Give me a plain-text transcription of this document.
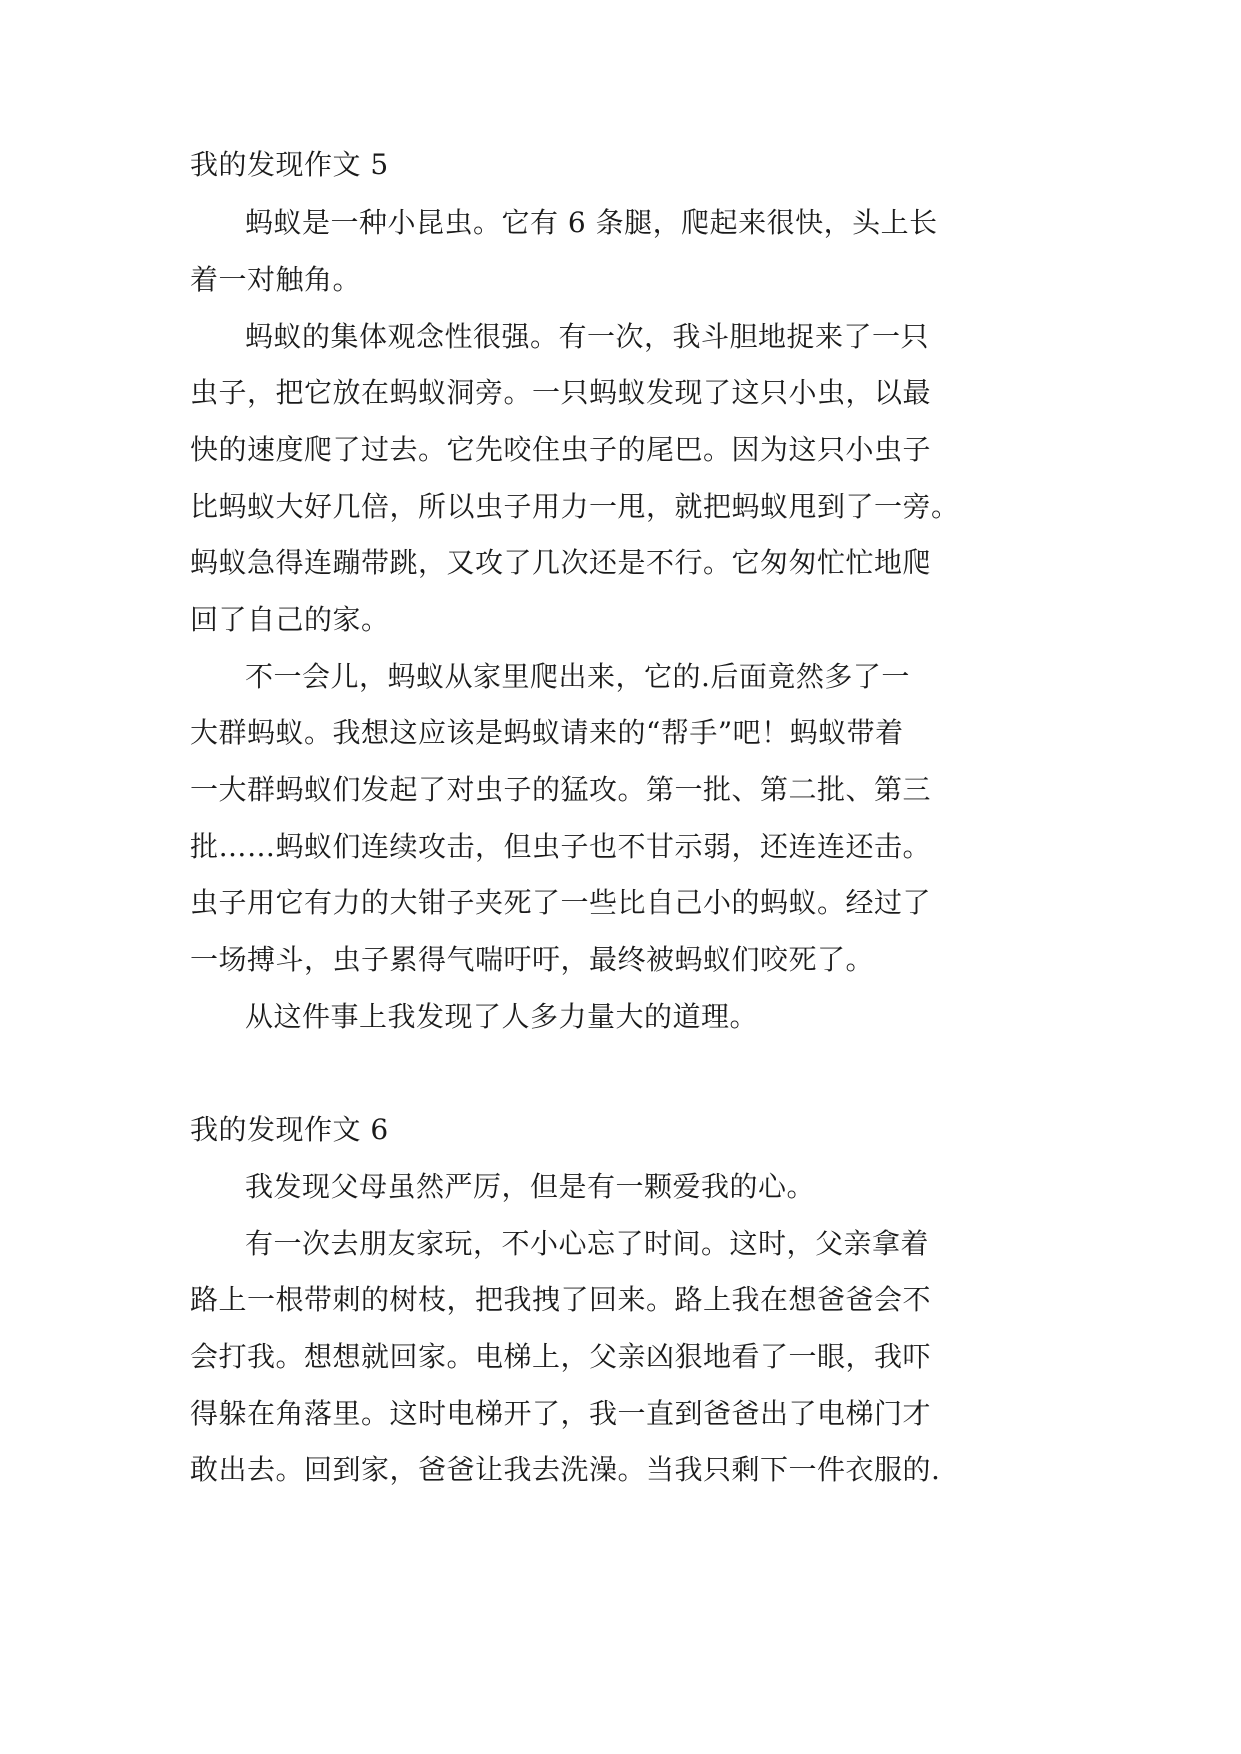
我的发现作文 5
蚂蚁是一种小昆虫。它有 6 条腿，爬起来很快，头上长
着一对触角。
蚂蚁的集体观念性很强。有一次，我斗胆地捉来了一只
虫子，把它放在蚂蚁洞旁。一只蚂蚁发现了这只小虫，以最
快的速度爬了过去。它先咬住虫子的尾巴。因为这只小虫子
比蚂蚁大好几倍，所以虫子用力一甩，就把蚂蚁甩到了一旁。
蚂蚁急得连蹦带跳，又攻了几次还是不行。它匆匆忙忙地爬
回了自己的家。
不一会儿，蚂蚁从家里爬出来，它的.后面竟然多了一
大群蚂蚁。我想这应该是蚂蚁请来的“帮手”吧！蚂蚁带着
一大群蚂蚁们发起了对虫子的猛攻。第一批、第二批、第三
批……蚂蚁们连续攻击，但虫子也不甘示弱，还连连还击。
虫子用它有力的大钳子夹死了一些比自己小的蚂蚁。经过了
一场搏斗，虫子累得气喘吁吁，最终被蚂蚁们咬死了。
从这件事上我发现了人多力量大的道理。
我的发现作文 6
我发现父母虽然严厉，但是有一颗爱我的心。
有一次去朋友家玩，不小心忘了时间。这时，父亲拿着
路上一根带刺的树枝，把我拽了回来。路上我在想爸爸会不
会打我。想想就回家。电梯上，父亲凶狠地看了一眼，我吓
得躲在角落里。这时电梯开了，我一直到爸爸出了电梯门才
敢出去。回到家，爸爸让我去洗澡。当我只剩下一件衣服的.
